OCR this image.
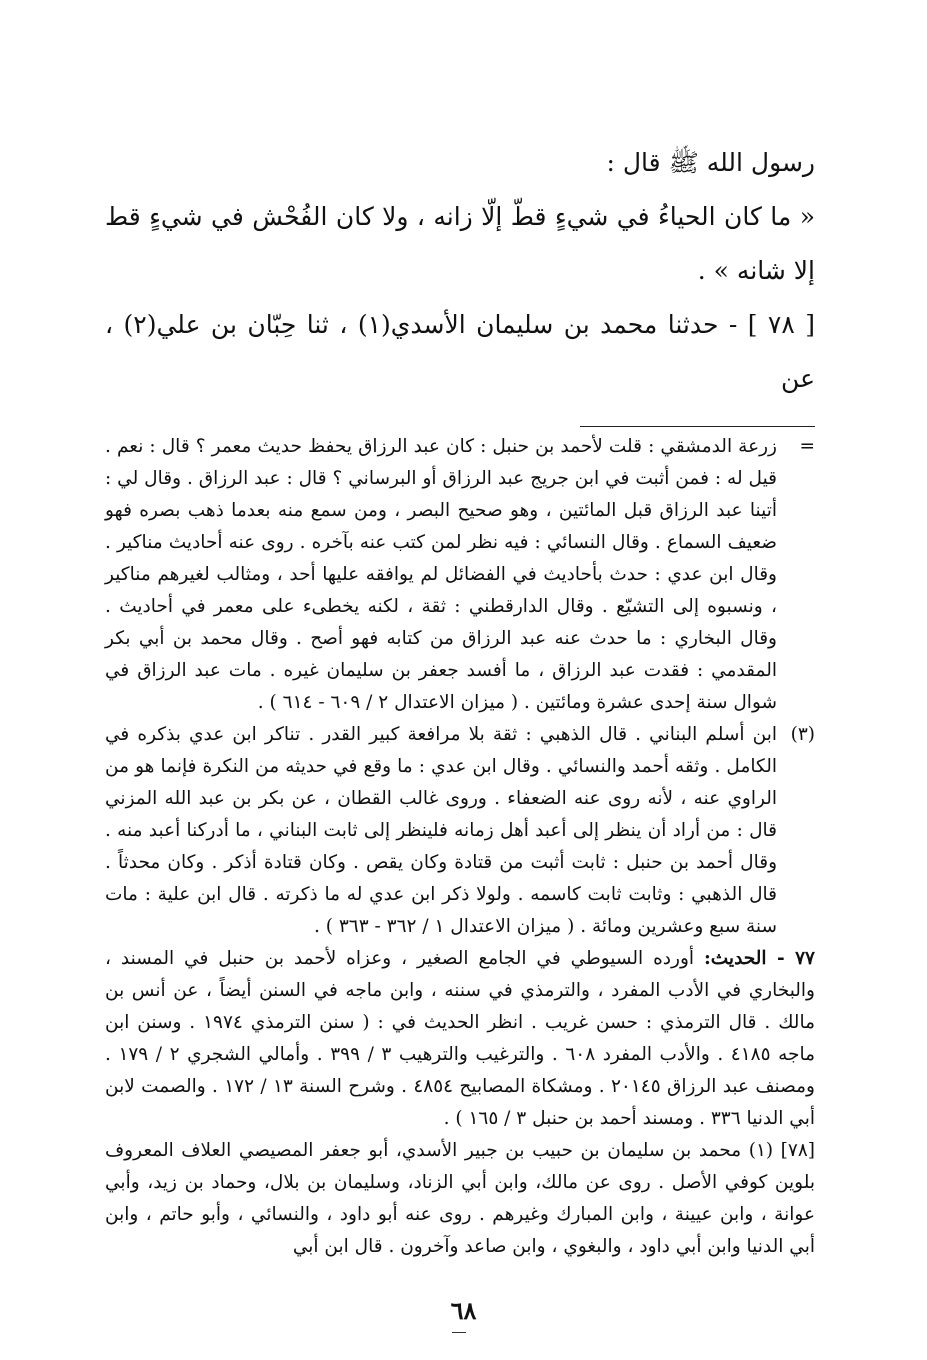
رسول الله ﷺ قال :

« ما كان الحياءُ في شيءٍ قطّ إلّا زانه ، ولا كان الفُحْش في شيءٍ قط إلا شانه » .

[ ٧٨ ] - حدثنا محمد بن سليمان الأسدي(١) ، ثنا حِبّان بن علي(٢) ، عن

=
زرعة الدمشقي : قلت لأحمد بن حنبل : كان عبد الرزاق يحفظ حديث معمر ؟ قال : نعم . قيل له : فمن أثبت في ابن جريج عبد الرزاق أو البرساني ؟ قال : عبد الرزاق . وقال لي : أتينا عبد الرزاق قبل المائتين ، وهو صحيح البصر ، ومن سمع منه بعدما ذهب بصره فهو ضعيف السماع . وقال النسائي : فيه نظر لمن كتب عنه بآخره . روى عنه أحاديث مناكير . وقال ابن عدي : حدث بأحاديث في الفضائل لم يوافقه عليها أحد ، ومثالب لغيرهم مناكير ، ونسبوه إلى التشيّع . وقال الدارقطني : ثقة ، لكنه يخطىء على معمر في أحاديث . وقال البخاري : ما حدث عنه عبد الرزاق من كتابه فهو أصح . وقال محمد بن أبي بكر المقدمي : فقدت عبد الرزاق ، ما أفسد جعفر بن سليمان غيره . مات عبد الرزاق في شوال سنة إحدى عشرة ومائتين . ( ميزان الاعتدال ٢ / ٦٠٩ - ٦١٤ ) .
(٣)
ابن أسلم البناني . قال الذهبي : ثقة بلا مرافعة كبير القدر . تناكر ابن عدي بذكره في الكامل . وثقه أحمد والنسائي . وقال ابن عدي : ما وقع في حديثه من النكرة فإنما هو من الراوي عنه ، لأنه روى عنه الضعفاء . وروى غالب القطان ، عن بكر بن عبد الله المزني قال : من أراد أن ينظر إلى أعبد أهل زمانه فلينظر إلى ثابت البناني ، ما أدركنا أعبد منه . وقال أحمد بن حنبل : ثابت أثبت من قتادة وكان يقص . وكان قتادة أذكر . وكان محدثاً . قال الذهبي : وثابت ثابت كاسمه . ولولا ذكر ابن عدي له ما ذكرته . قال ابن علية : مات سنة سبع وعشرين ومائة . ( ميزان الاعتدال ١ / ٣٦٢ - ٣٦٣ ) .
٧٧ - الحديث: أورده السيوطي في الجامع الصغير ، وعزاه لأحمد بن حنبل في المسند ، والبخاري في الأدب المفرد ، والترمذي في سننه ، وابن ماجه في السنن أيضاً ، عن أنس بن مالك . قال الترمذي : حسن غريب . انظر الحديث في : ( سنن الترمذي ١٩٧٤ . وسنن ابن ماجه ٤١٨٥ . والأدب المفرد ٦٠٨ . والترغيب والترهيب ٣ / ٣٩٩ . وأمالي الشجري ٢ / ١٧٩ . ومصنف عبد الرزاق ٢٠١٤٥ . ومشكاة المصابيح ٤٨٥٤ . وشرح السنة ١٣ / ١٧٢ . والصمت لابن أبي الدنيا ٣٣٦ . ومسند أحمد بن حنبل ٣ / ١٦٥ ) .
[٧٨] (١) محمد بن سليمان بن حبيب بن جبير الأسدي، أبو جعفر المصيصي العلاف المعروف بلوين كوفي الأصل . روى عن مالك، وابن أبي الزناد، وسليمان بن بلال، وحماد بن زيد، وأبي عوانة ، وابن عيينة ، وابن المبارك وغيرهم . روى عنه أبو داود ، والنسائي ، وأبو حاتم ، وابن أبي الدنيا وابن أبي داود ، والبغوي ، وابن صاعد وآخرون . قال ابن أبي
٦٨
